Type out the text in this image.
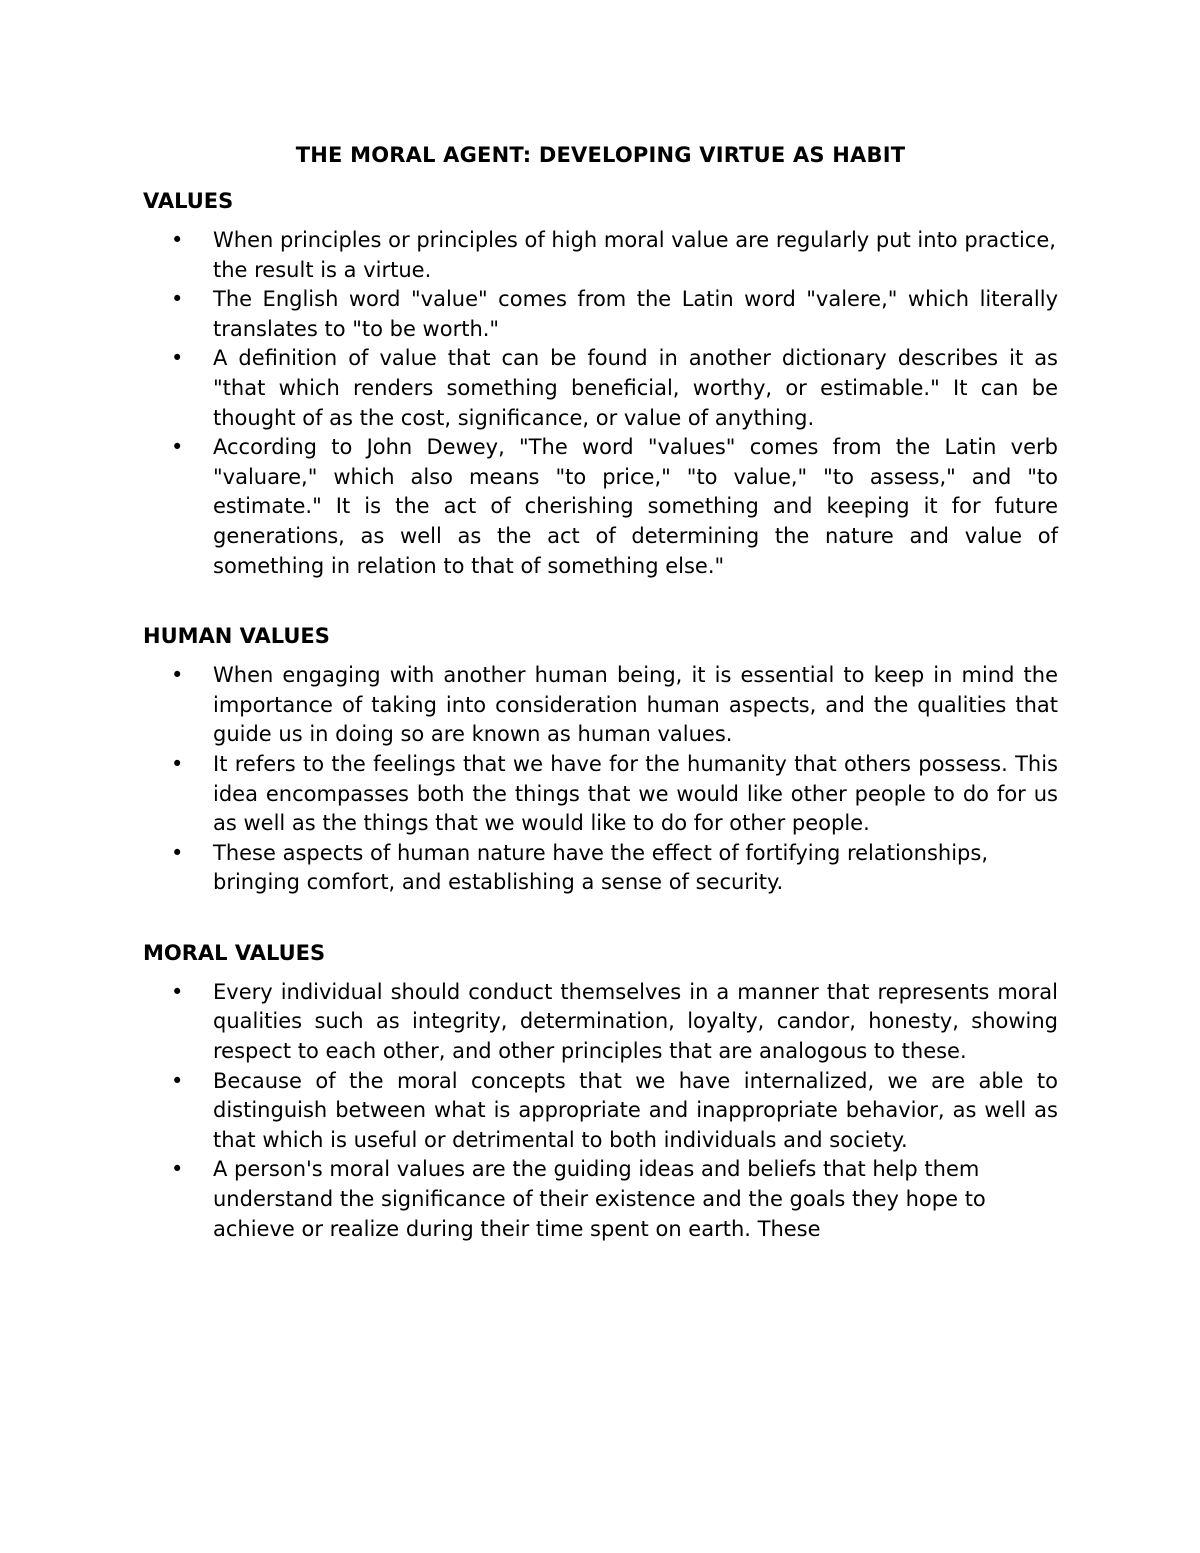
THE MORAL AGENT: DEVELOPING VIRTUE AS HABIT
VALUES
• When principles or principles of high moral value are regularly put into practice, the result is a virtue.
• The English word "value" comes from the Latin word "valere," which literally translates to "to be worth."
• A definition of value that can be found in another dictionary describes it as "that which renders something beneficial, worthy, or estimable." It can be thought of as the cost, significance, or value of anything.
• According to John Dewey, "The word "values" comes from the Latin verb "valuare," which also means "to price," "to value," "to assess," and "to estimate." It is the act of cherishing something and keeping it for future generations, as well as the act of determining the nature and value of something in relation to that of something else."
HUMAN VALUES
• When engaging with another human being, it is essential to keep in mind the importance of taking into consideration human aspects, and the qualities that guide us in doing so are known as human values.
• It refers to the feelings that we have for the humanity that others possess. This idea encompasses both the things that we would like other people to do for us as well as the things that we would like to do for other people.
• These aspects of human nature have the effect of fortifying relationships, bringing comfort, and establishing a sense of security.
MORAL VALUES
• Every individual should conduct themselves in a manner that represents moral qualities such as integrity, determination, loyalty, candor, honesty, showing respect to each other, and other principles that are analogous to these.
• Because of the moral concepts that we have internalized, we are able to distinguish between what is appropriate and inappropriate behavior, as well as that which is useful or detrimental to both individuals and society.
• A person's moral values are the guiding ideas and beliefs that help them understand the significance of their existence and the goals they hope to achieve or realize during their time spent on earth. These
